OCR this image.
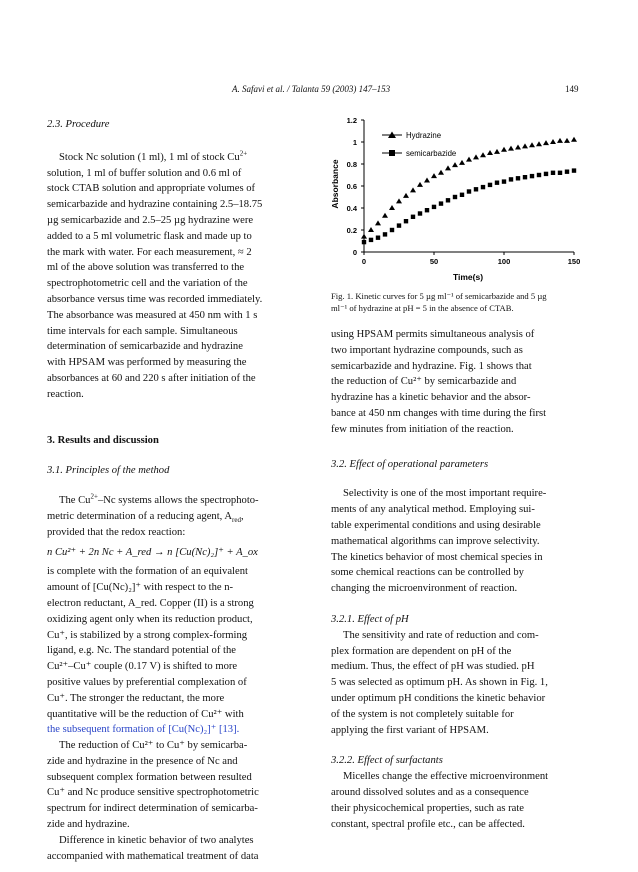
A. Safavi et al. / Talanta 59 (2003) 147–153	149
2.3. Procedure
Stock Nc solution (1 ml), 1 ml of stock $Cu^{2+}$
solution, 1 ml of buffer solution and 0.6 ml of
stock CTAB solution and appropriate volumes of
semicarbazide and hydrazine containing 2.5–18.75
µg semicarbazide and 2.5–25 µg hydrazine were
added to a 5 ml volumetric flask and made up to
the mark with water. For each measurement, ≈ 2
ml of the above solution was transferred to the
spectrophotometric cell and the variation of the
absorbance versus time was recorded immediately.
The absorbance was measured at 450 nm with 1 s
time intervals for each sample. Simultaneous
determination of semicarbazide and hydrazine
with HPSAM was performed by measuring the
absorbances at 60 and 220 s after initiation of the
reaction.
3. Results and discussion
3.1. Principles of the method
The $Cu^{2+}-Nc$ systems allows the spectrophoto-
metric determination of a reducing agent, $A_{red}$,
provided that the redox reaction:
n Cu²⁺ + 2n Nc + A_red → n [Cu(Nc)₂]⁺ + A_ox
is complete with the formation of an equivalent
amount of [Cu(Nc)₂]⁺ with respect to the n-
electron reductant, A_red. Copper (II) is a strong
oxidizing agent only when its reduction product,
Cu⁺, is stabilized by a strong complex-forming
ligand, e.g. Nc. The standard potential of the
Cu²⁺–Cu⁺ couple (0.17 V) is shifted to more
positive values by preferential complexation of
Cu⁺. The stronger the reductant, the more
quantitative will be the reduction of Cu²⁺ with
the subsequent formation of [Cu(Nc)₂]⁺ [13].
The reduction of Cu²⁺ to Cu⁺ by semicarba-
zide and hydrazine in the presence of Nc and
subsequent complex formation between resulted
Cu⁺ and Nc produce sensitive spectrophotometric
spectrum for indirect determination of semicarba-
zide and hydrazine.
Difference in kinetic behavior of two analytes
accompanied with mathematical treatment of data
0
0.2
0.4
0.6
0.8
1
1.2
0	50	100	150
Absorbance
Time(s)
Hydrazine
semicarbazide
Fig. 1. Kinetic curves for 5 µg ml⁻¹ of semicarbazide and 5 µg
ml⁻¹ of hydrazine at pH = 5 in the absence of CTAB.
using HPSAM permits simultaneous analysis of
two important hydrazine compounds, such as
semicarbazide and hydrazine. Fig. 1 shows that
the reduction of Cu²⁺ by semicarbazide and
hydrazine has a kinetic behavior and the absor-
bance at 450 nm changes with time during the first
few minutes from initiation of the reaction.
3.2. Effect of operational parameters
Selectivity is one of the most important require-
ments of any analytical method. Employing sui-
table experimental conditions and using desirable
mathematical algorithms can improve selectivity.
The kinetics behavior of most chemical species in
some chemical reactions can be controlled by
changing the microenvironment of reaction.
3.2.1. Effect of pH
The sensitivity and rate of reduction and com-
plex formation are dependent on pH of the
medium. Thus, the effect of pH was studied. pH
5 was selected as optimum pH. As shown in Fig. 1,
under optimum pH conditions the kinetic behavior
of the system is not completely suitable for
applying the first variant of HPSAM.
3.2.2. Effect of surfactants
Micelles change the effective microenvironment
around dissolved solutes and as a consequence
their physicochemical properties, such as rate
constant, spectral profile etc., can be affected.
